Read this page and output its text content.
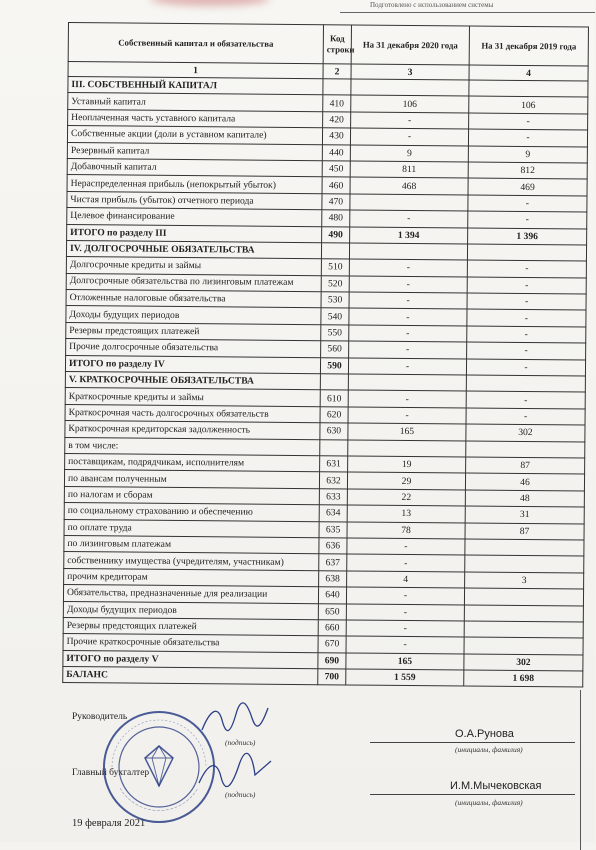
Подготовлено с использованием системы
Собственный капитал и обязательства	Код строки	На 31 декабря 2020 года	На 31 декабря 2019 года
1	2	3	4
III. СОБСТВЕННЫЙ КАПИТАЛ			
Уставный капитал	410	106	106
Неоплаченная часть уставного капитала	420	-	-
Собственные акции (доли в уставном капитале)	430	-	-
Резервный капитал	440	9	9
Добавочный капитал	450	811	812
Нераспределенная прибыль (непокрытый убыток)	460	468	469
Чистая прибыль (убыток) отчетного периода	470		-
Целевое финансирование	480	-	-
ИТОГО по разделу III	490	1 394	1 396
IV. ДОЛГОСРОЧНЫЕ ОБЯЗАТЕЛЬСТВА			
Долгосрочные кредиты и займы	510	-	-
Долгосрочные обязательства по лизинговым платежам	520	-	-
Отложенные налоговые обязательства	530	-	-
Доходы будущих периодов	540	-	-
Резервы предстоящих платежей	550	-	-
Прочие долгосрочные обязательства	560	-	-
ИТОГО по разделу IV	590	-	-
V. КРАТКОСРОЧНЫЕ ОБЯЗАТЕЛЬСТВА			
Краткосрочные кредиты и займы	610	-	-
Краткосрочная часть долгосрочных обязательств	620	-	-
Краткосрочная кредиторская задолженность	630	165	302
в том числе:			
поставщикам, подрядчикам, исполнителям	631	19	87
по авансам полученным	632	29	46
по налогам и сборам	633	22	48
по социальному страхованию и обеспечению	634	13	31
по оплате труда	635	78	87
по лизинговым платежам	636	-	
собственнику имущества (учредителям, участникам)	637	-	
прочим кредиторам	638	4	3
Обязательства, предназначенные для реализации	640	-	
Доходы будущих периодов	650	-	
Резервы предстоящих платежей	660	-	
Прочие краткосрочные обязательства	670	-	
ИТОГО по разделу V	690	165	302
БАЛАНС	700	1 559	1 698
Руководитель
О.А.Рунова
(инициалы, фамилия)
(подпись)
Главный бухгалтер
И.М.Мычековская
(инициалы, фамилия)
(подпись)
19 февраля 2021
